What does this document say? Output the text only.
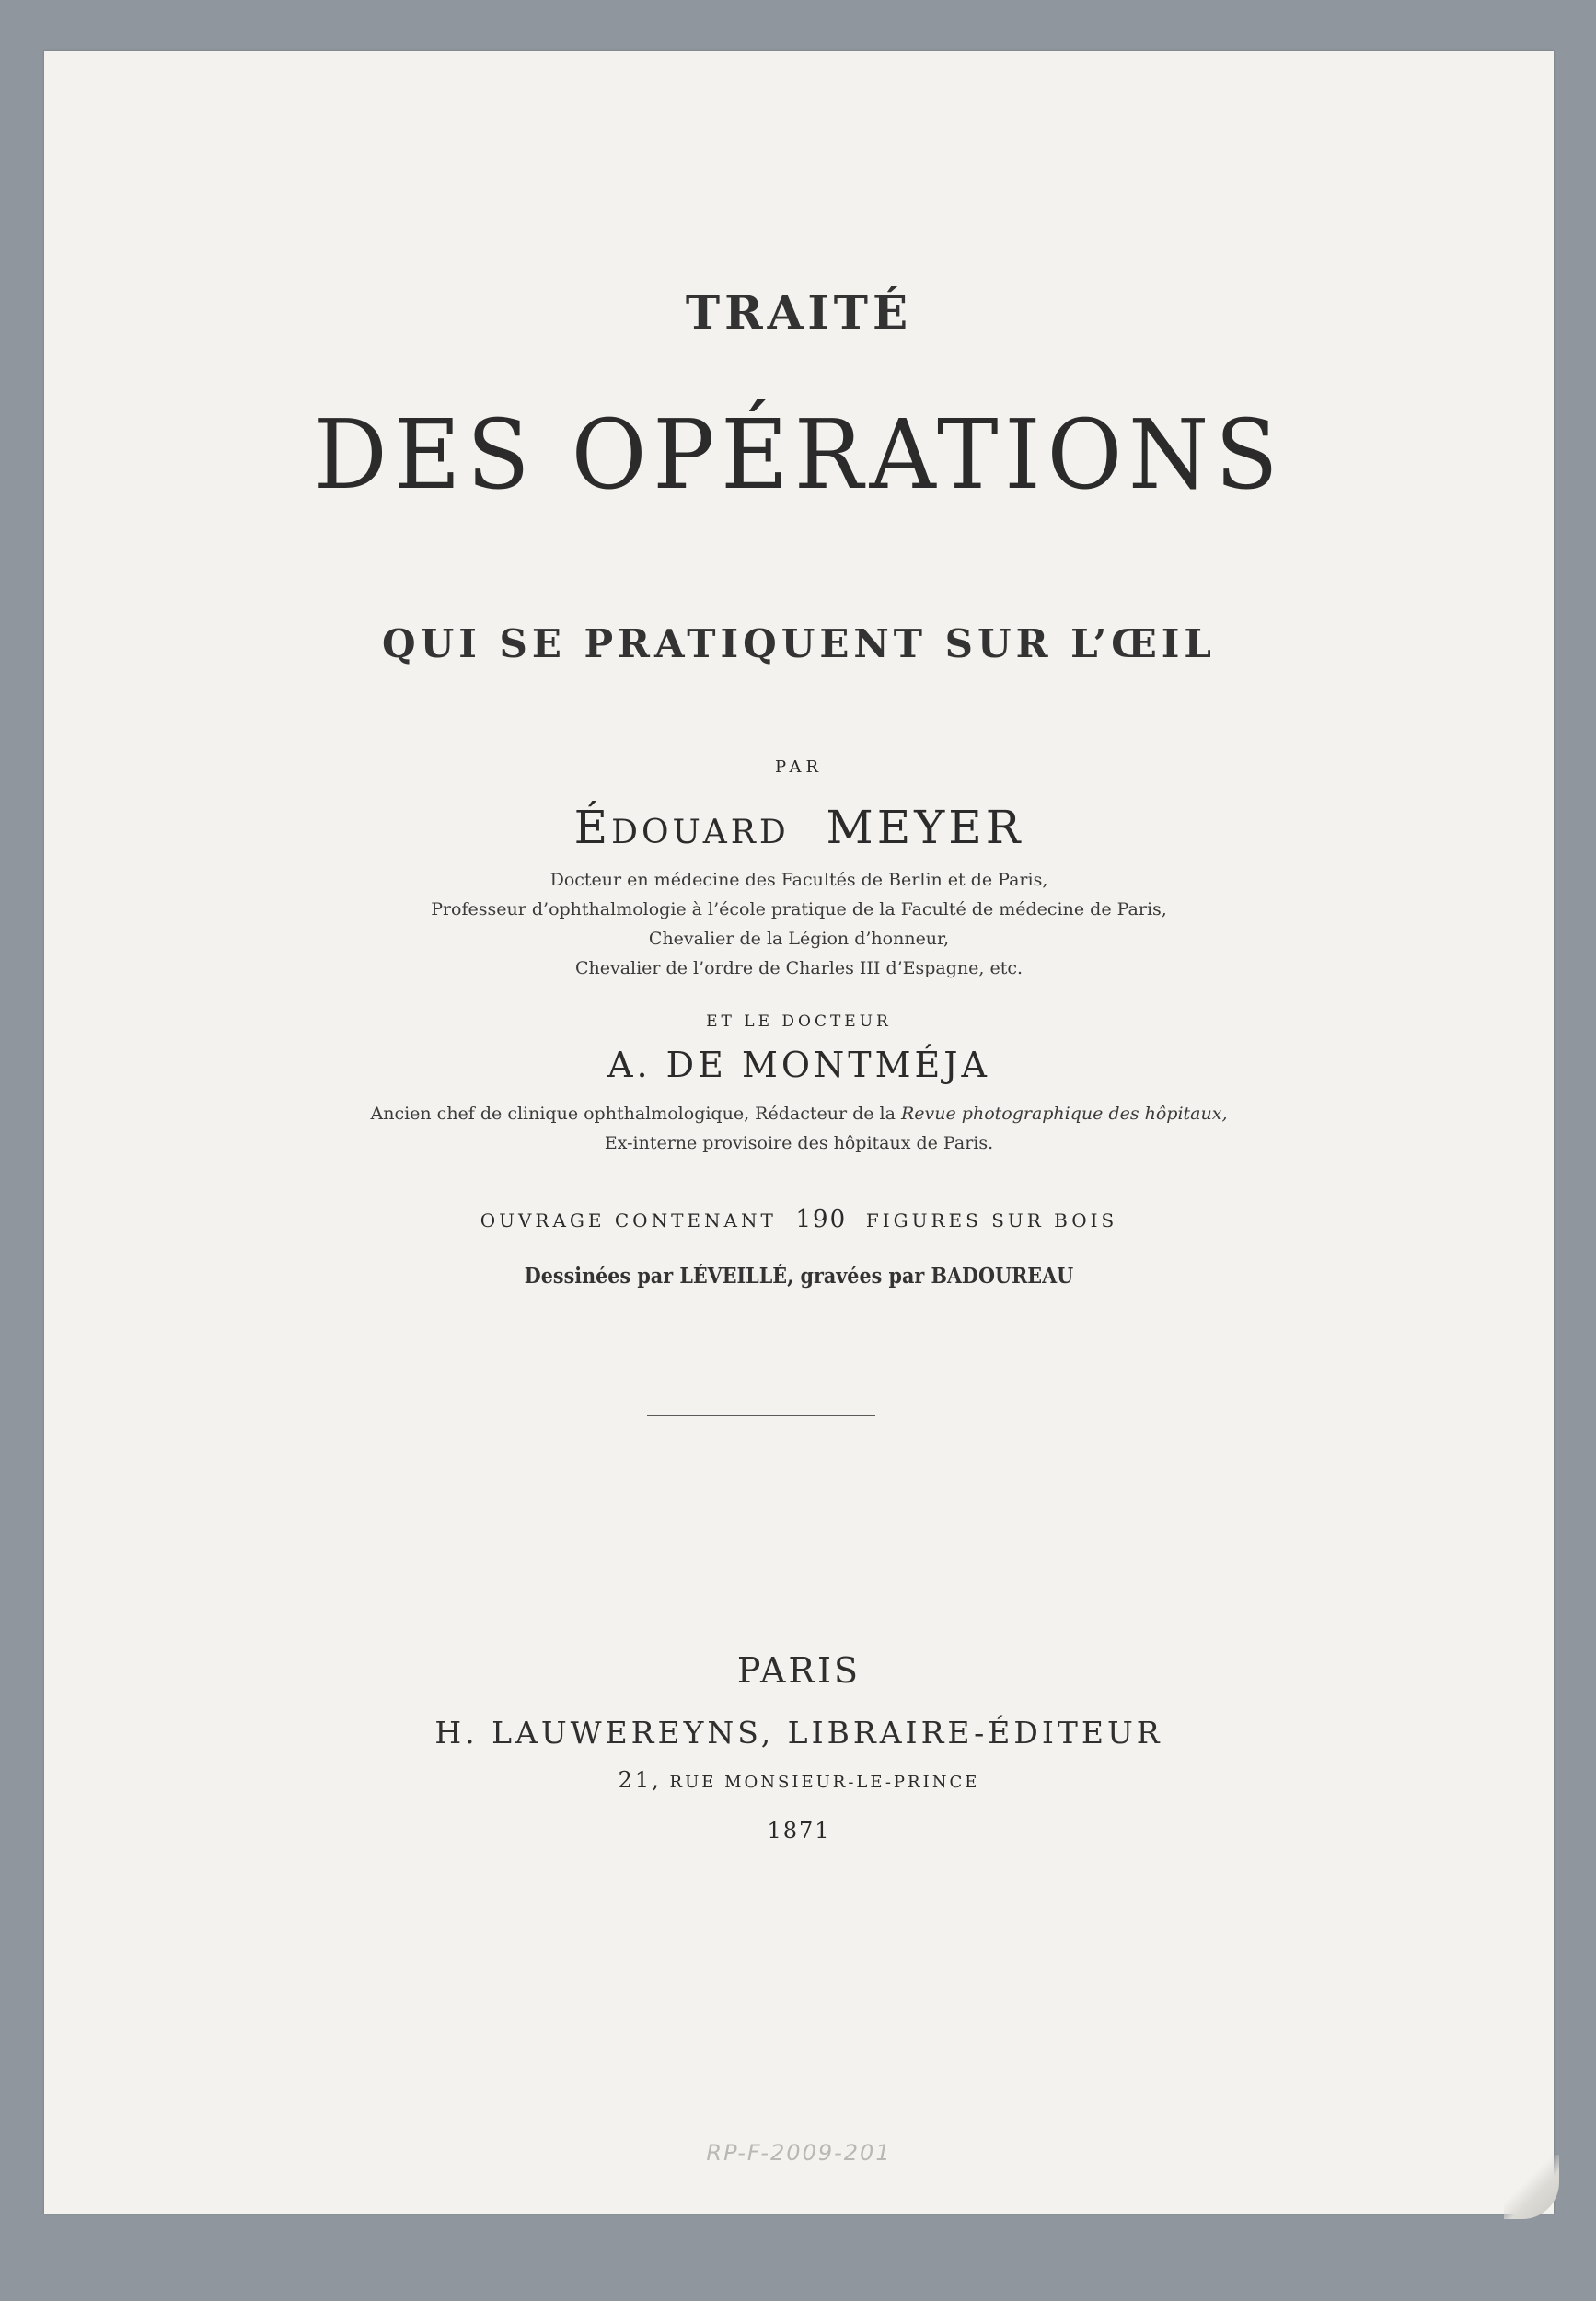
TRAITÉ
DES OPÉRATIONS
QUI SE PRATIQUENT SUR L’ŒIL
PAR
ÉDOUARD MEYER
Docteur en médecine des Facultés de Berlin et de Paris,
Professeur d’ophthalmologie à l’école pratique de la Faculté de médecine de Paris,
Chevalier de la Légion d’honneur,
Chevalier de l’ordre de Charles III d’Espagne, etc.
ET LE DOCTEUR
A. DE MONTMÉJA
Ancien chef de clinique ophthalmologique, Rédacteur de la Revue photographique des hôpitaux,
Ex-interne provisoire des hôpitaux de Paris.
OUVRAGE CONTENANT 190 FIGURES SUR BOIS
Dessinées par LÉVEILLÉ, gravées par BADOUREAU
PARIS
H. LAUWEREYNS, LIBRAIRE-ÉDITEUR
21, RUE MONSIEUR-LE-PRINCE
1871
RP-F-2009-201
